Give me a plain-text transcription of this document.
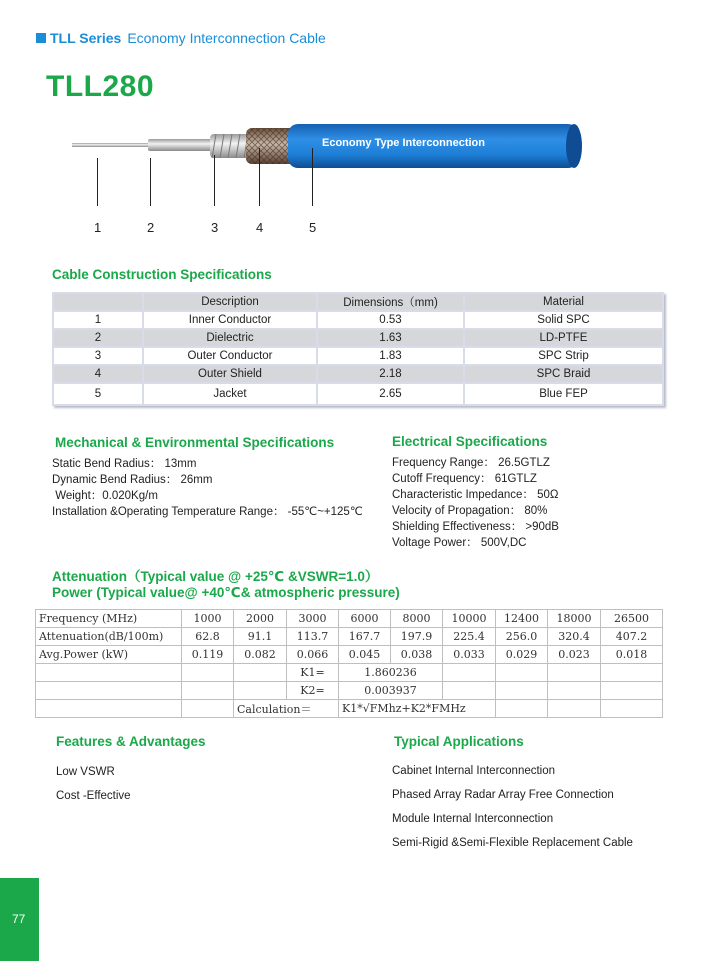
TLL Series Economy Interconnection Cable
TLL280
Economy Type Interconnection
1	2	3	4	5
Cable Construction Specifications
	Description	Dimensions（mm)	Material
1	Inner Conductor	0.53	Solid SPC
2	Dielectric	1.63	LD-PTFE
3	Outer Conductor	1.83	SPC Strip
4	Outer Shield	2.18	SPC Braid
5	Jacket	2.65	Blue FEP
Mechanical & Environmental Specifications
Static Bend Radius： 13mm
Dynamic Bend Radius： 26mm
Weight：0.020Kg/m
Installation &Operating Temperature Range： -55℃~+125℃
Electrical Specifications
Frequency Range： 26.5GTLZ
Cutoff Frequency： 61GTLZ
Characteristic Impedance： 50Ω
Velocity of Propagation： 80%
Shielding Effectiveness： >90dB
Voltage Power： 500V,DC
Attenuation（Typical value @ +25℃ &VSWR=1.0）
Power (Typical value@ +40℃& atmospheric pressure)
Frequency (MHz)	1000	2000	3000	6000	8000	10000	12400	18000	26500
Attenuation(dB/100m)	62.8	91.1	113.7	167.7	197.9	225.4	256.0	320.4	407.2
Avg.Power (kW)	0.119	0.082	0.066	0.045	0.038	0.033	0.029	0.023	0.018
			K1=	1.860236					
			K2=	0.003937					
		Calculation＝		K1*√FMhz+K2*FMHz					
Features & Advantages
Low VSWR
Cost -Effective
Typical Applications
Cabinet Internal Interconnection
Phased Array Radar Array Free Connection
Module Internal Interconnection
Semi-Rigid &Semi-Flexible Replacement Cable
77
